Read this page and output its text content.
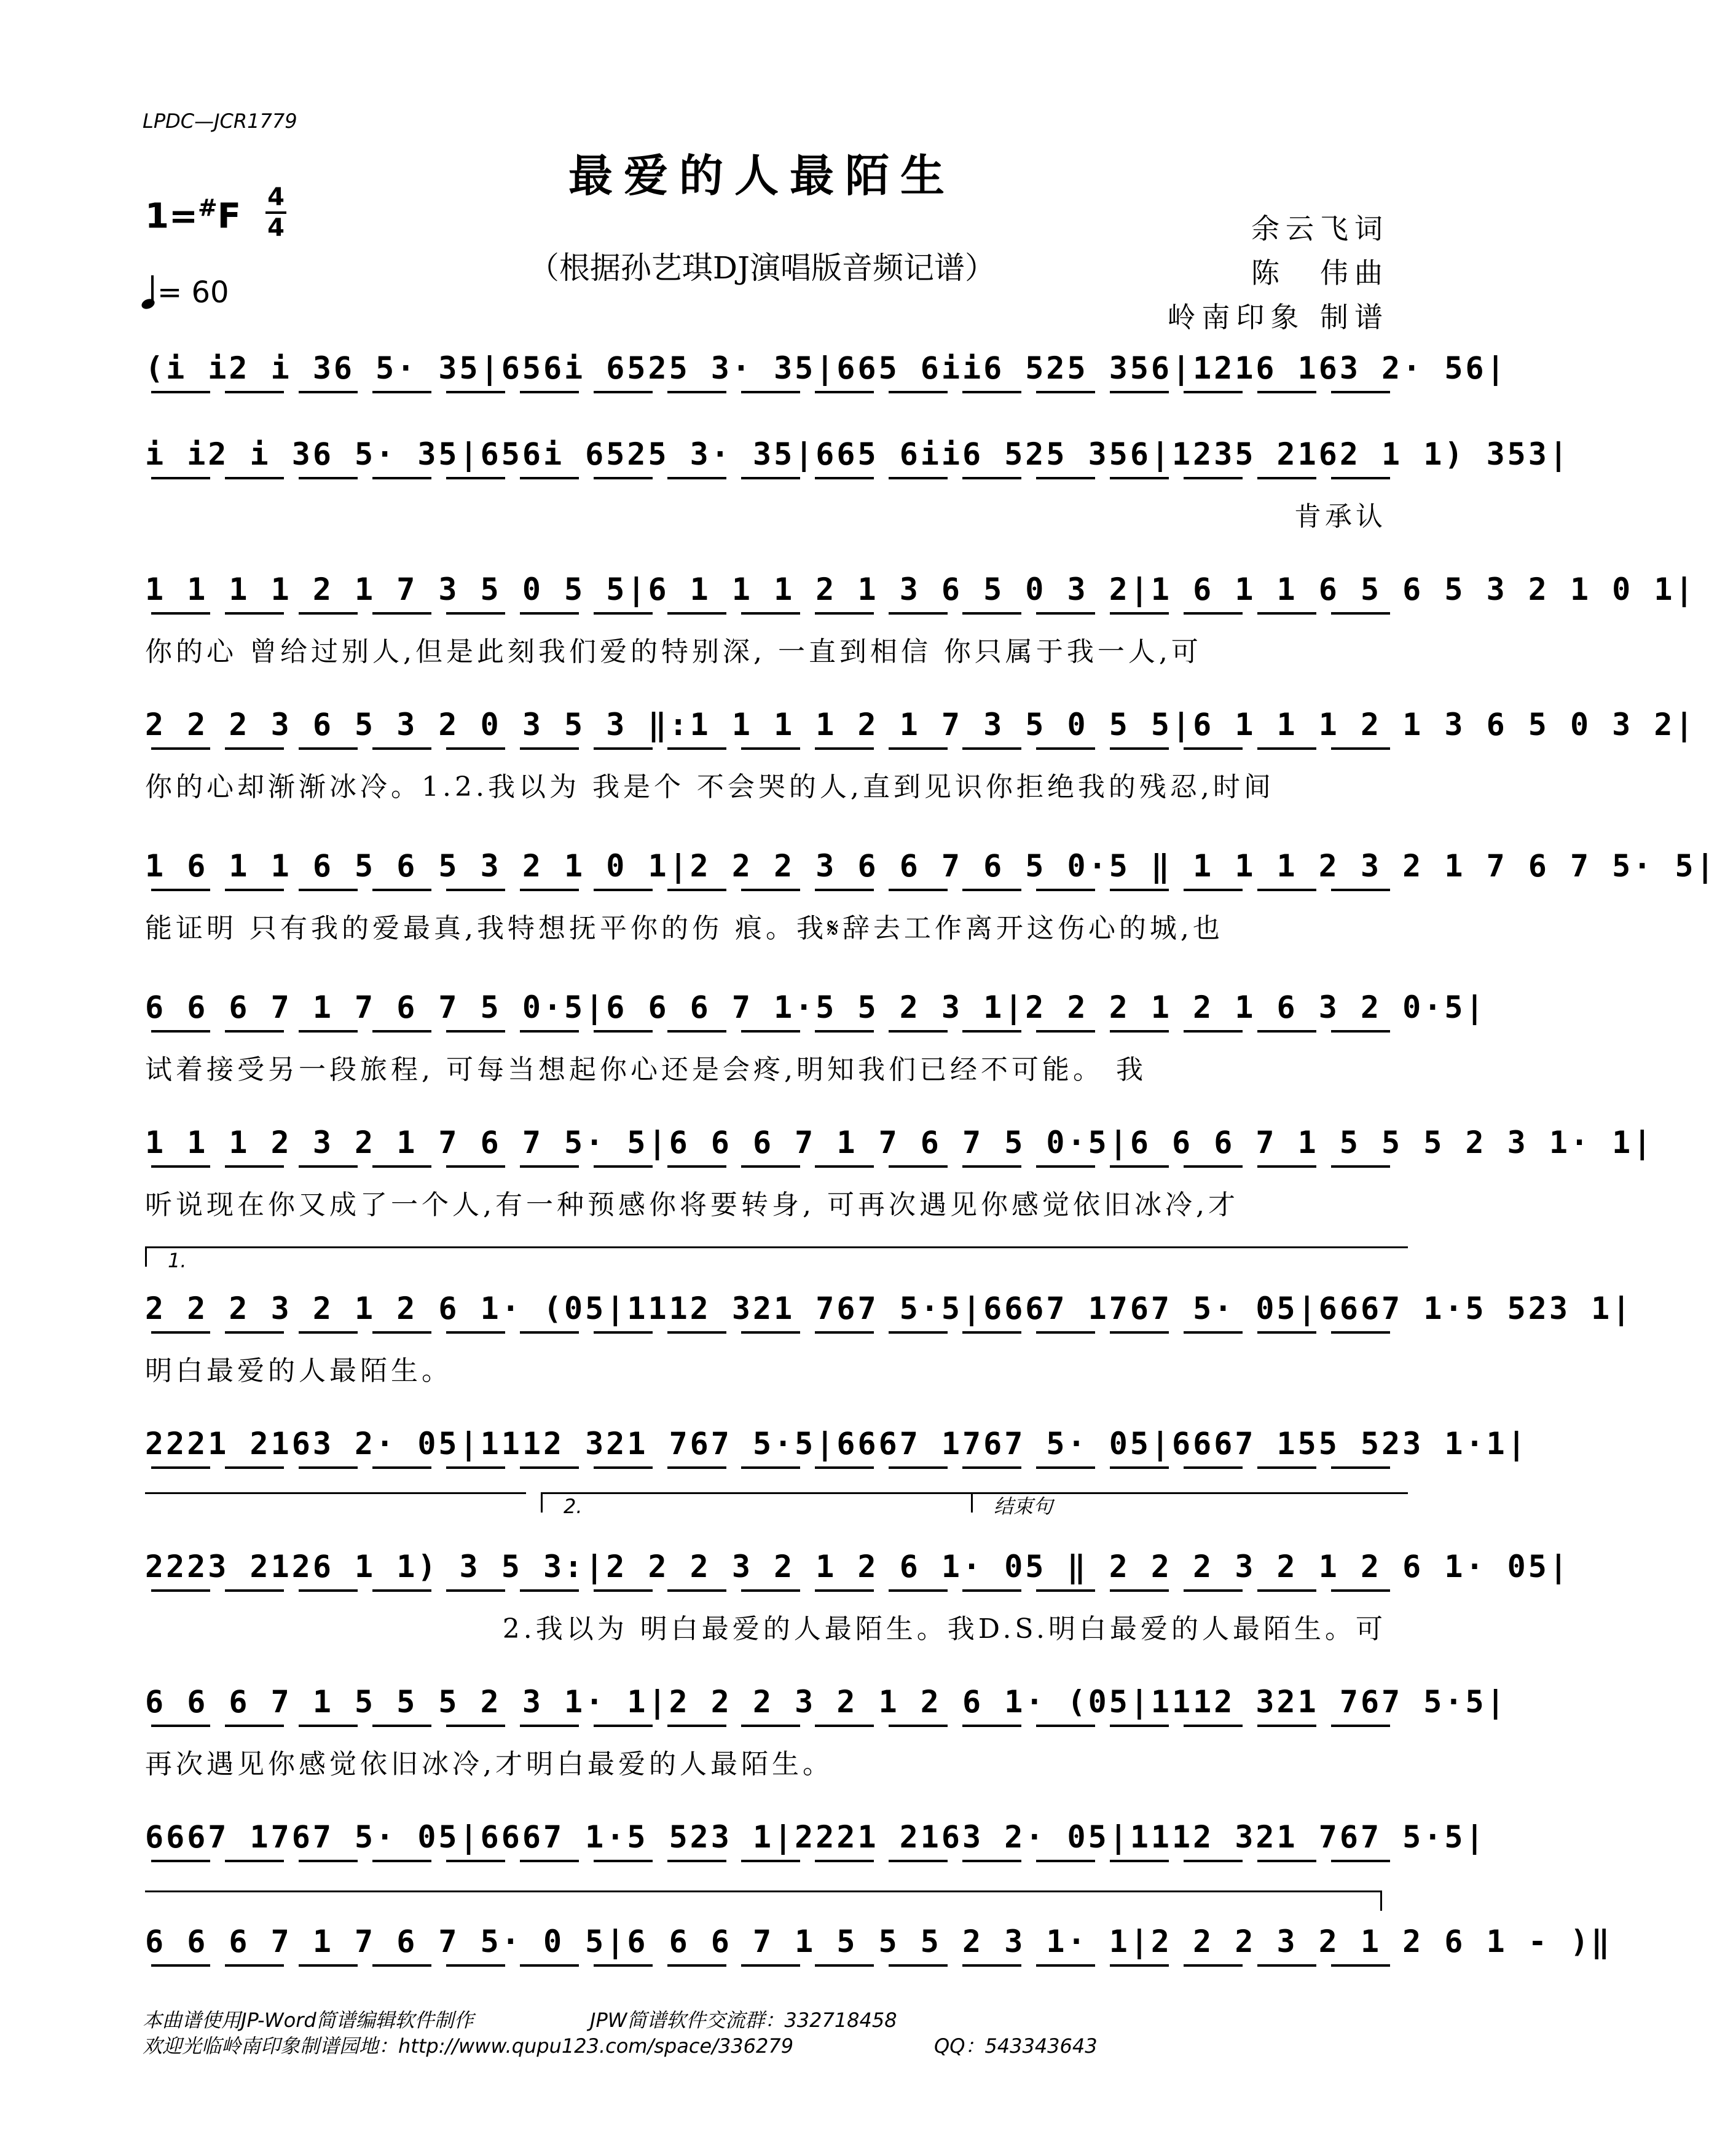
LPDC—JCR1779
最爱的人最陌生
（根据孙艺琪DJ演唱版音频记谱）
1=#F 4
4
= 60
余云飞词
陈　伟曲
岭南印象 制谱
(i i2 i 36 5· 35|656i 6525 3· 35|665 6ii6 525 356|1216 163 2· 56|
i i2 i 36 5· 35|656i 6525 3· 35|665 6ii6 525 356|1235 2162 1 1) 353|
肯承认
1 1 1 1 2 1 7 3 5 0 5 5|6 1 1 1 2 1 3 6 5 0 3 2|1 6 1 1 6 5 6 5 3 2 1 0 1|
你的心 曾给过别人,但是此刻我们爱的特别深, 一直到相信 你只属于我一人,可
2 2 2 3 6 5 3 2 0 3 5 3 ‖:1 1 1 1 2 1 7 3 5 0 5 5|6 1 1 1 2 1 3 6 5 0 3 2|
你的心却渐渐冰冷。1.2.我以为 我是个 不会哭的人,直到见识你拒绝我的残忍,时间
1 6 1 1 6 5 6 5 3 2 1 0 1|2 2 2 3 6 6 7 6 5 0·5 ‖ 1 1 1 2 3 2 1 7 6 7 5· 5|
能证明 只有我的爱最真,我特想抚平你的伤 痕。我𝄋辞去工作离开这伤心的城,也
6 6 6 7 1 7 6 7 5 0·5|6 6 6 7 1·5 5 2 3 1|2 2 2 1 2 1 6 3 2 0·5|
试着接受另一段旅程, 可每当想起你心还是会疼,明知我们已经不可能。 我
1 1 1 2 3 2 1 7 6 7 5· 5|6 6 6 7 1 7 6 7 5 0·5|6 6 6 7 1 5 5 5 2 3 1· 1|
听说现在你又成了一个人,有一种预感你将要转身, 可再次遇见你感觉依旧冰冷,才
1.
2 2 2 3 2 1 2 6 1· (05|1112 321 767 5·5|6667 1767 5· 05|6667 1·5 523 1|
明白最爱的人最陌生。
2221 2163 2· 05|1112 321 767 5·5|6667 1767 5· 05|6667 155 523 1·1|
2.	结束句
2223 2126 1 1) 3 5 3:|2 2 2 3 2 1 2 6 1· 05 ‖ 2 2 2 3 2 1 2 6 1· 05|
2.我以为 明白最爱的人最陌生。我D.S.明白最爱的人最陌生。可
6 6 6 7 1 5 5 5 2 3 1· 1|2 2 2 3 2 1 2 6 1· (05|1112 321 767 5·5|
再次遇见你感觉依旧冰冷,才明白最爱的人最陌生。
6667 1767 5· 05|6667 1·5 523 1|2221 2163 2· 05|1112 321 767 5·5|
6 6 6 7 1 7 6 7 5· 0 5|6 6 6 7 1 5 5 5 2 3 1· 1|2 2 2 3 2 1 2 6 1 - )‖
本曲谱使用JP-Word简谱编辑软件制作	JPW简谱软件交流群：332718458
欢迎光临岭南印象制谱园地：http://www.qupu123.com/space/336279	QQ：543343643
